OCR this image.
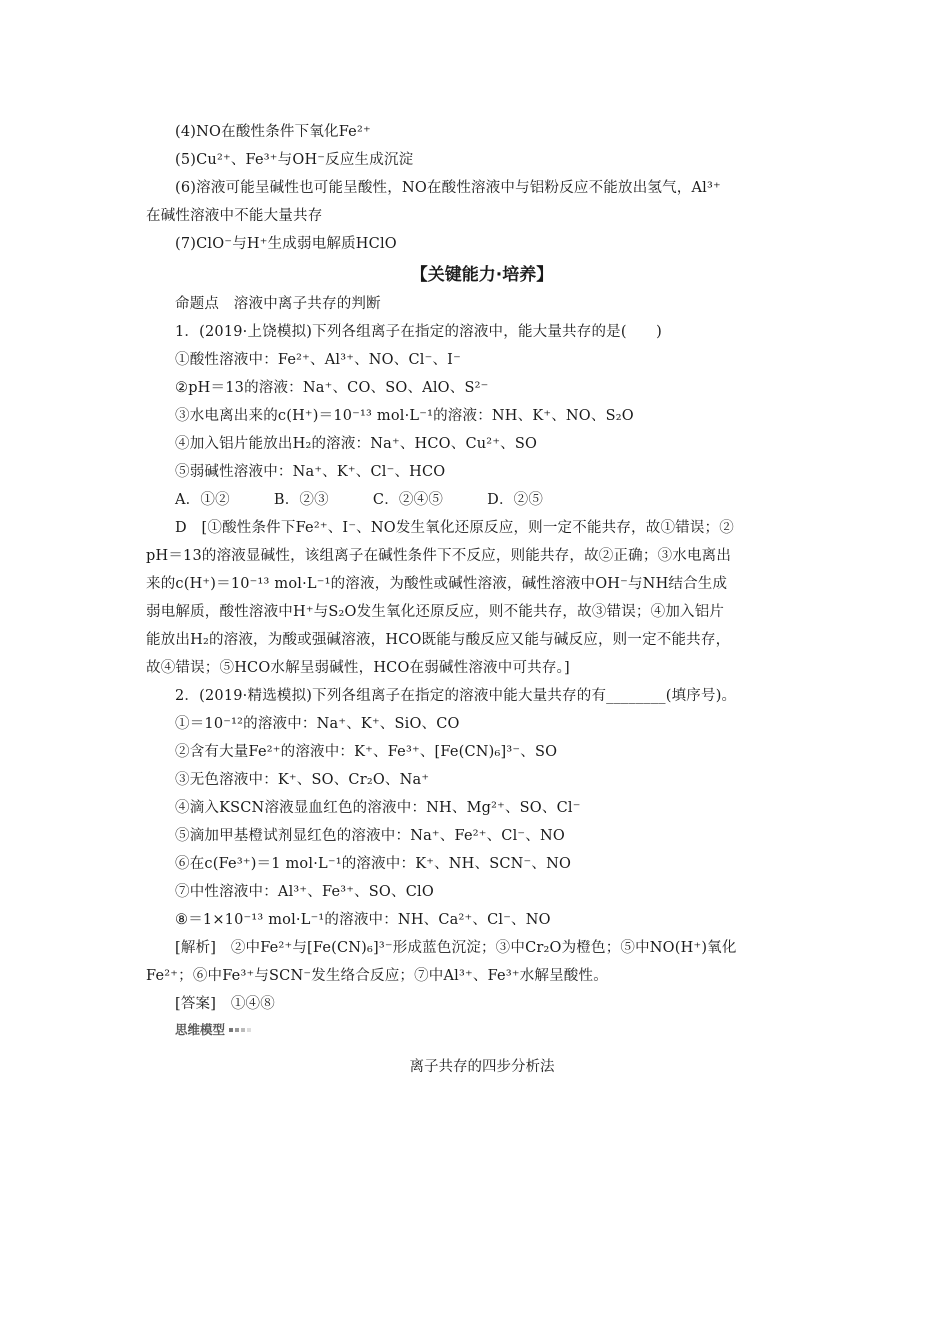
(4)NO在酸性条件下氧化Fe²⁺
(5)Cu²⁺、Fe³⁺与OH⁻反应生成沉淀
(6)溶液可能呈碱性也可能呈酸性，NO在酸性溶液中与铝粉反应不能放出氢气，Al³⁺
在碱性溶液中不能大量共存
(7)ClO⁻与H⁺生成弱电解质HClO
【关键能力·培养】
命题点　溶液中离子共存的判断
1．(2019·上饶模拟)下列各组离子在指定的溶液中，能大量共存的是(　　)
①酸性溶液中：Fe²⁺、Al³⁺、NO、Cl⁻、I⁻
②pH＝13的溶液：Na⁺、CO、SO、AlO、S²⁻
③水电离出来的c(H⁺)＝10⁻¹³ mol·L⁻¹的溶液：NH、K⁺、NO、S₂O
④加入铝片能放出H₂的溶液：Na⁺、HCO、Cu²⁺、SO
⑤弱碱性溶液中：Na⁺、K⁺、Cl⁻、HCO
A．①②　　　B．②③　　　C．②④⑤　　　D．②⑤
D　[①酸性条件下Fe²⁺、I⁻、NO发生氧化还原反应，则一定不能共存，故①错误；②
pH＝13的溶液显碱性，该组离子在碱性条件下不反应，则能共存，故②正确；③水电离出
来的c(H⁺)＝10⁻¹³ mol·L⁻¹的溶液，为酸性或碱性溶液，碱性溶液中OH⁻与NH结合生成
弱电解质，酸性溶液中H⁺与S₂O发生氧化还原反应，则不能共存，故③错误；④加入铝片
能放出H₂的溶液，为酸或强碱溶液，HCO既能与酸反应又能与碱反应，则一定不能共存，
故④错误；⑤HCO水解呈弱碱性，HCO在弱碱性溶液中可共存。]
2．(2019·精选模拟)下列各组离子在指定的溶液中能大量共存的有________(填序号)。
①＝10⁻¹²的溶液中：Na⁺、K⁺、SiO、CO
②含有大量Fe²⁺的溶液中：K⁺、Fe³⁺、[Fe(CN)₆]³⁻、SO
③无色溶液中：K⁺、SO、Cr₂O、Na⁺
④滴入KSCN溶液显血红色的溶液中：NH、Mg²⁺、SO、Cl⁻
⑤滴加甲基橙试剂显红色的溶液中：Na⁺、Fe²⁺、Cl⁻、NO
⑥在c(Fe³⁺)＝1 mol·L⁻¹的溶液中：K⁺、NH、SCN⁻、NO
⑦中性溶液中：Al³⁺、Fe³⁺、SO、ClO
⑧＝1×10⁻¹³ mol·L⁻¹的溶液中：NH、Ca²⁺、Cl⁻、NO
[解析]　②中Fe²⁺与[Fe(CN)₆]³⁻形成蓝色沉淀；③中Cr₂O为橙色；⑤中NO(H⁺)氧化
Fe²⁺；⑥中Fe³⁺与SCN⁻发生络合反应；⑦中Al³⁺、Fe³⁺水解呈酸性。
[答案]　①④⑧
思维模型
离子共存的四步分析法
